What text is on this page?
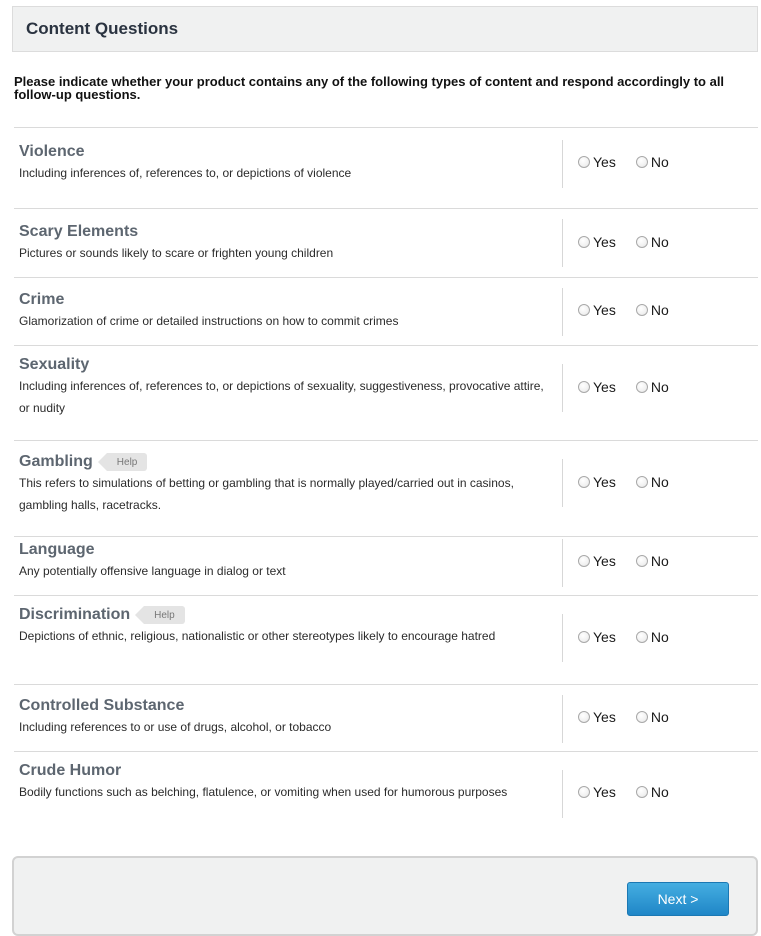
Content Questions
Please indicate whether your product contains any of the following types of content and respond accordingly to all follow-up questions.
Violence
Including inferences of, references to, or depictions of violence
Yes	No
Scary Elements
Pictures or sounds likely to scare or frighten young children
Yes	No
Crime
Glamorization of crime or detailed instructions on how to commit crimes
Yes	No
Sexuality
Including inferences of, references to, or depictions of sexuality, suggestiveness, provocative attire, or nudity
Yes	No
Gambling	Help
This refers to simulations of betting or gambling that is normally played/carried out in casinos, gambling halls, racetracks.
Yes	No
Language
Any potentially offensive language in dialog or text
Yes	No
Discrimination	Help
Depictions of ethnic, religious, nationalistic or other stereotypes likely to encourage hatred	Yes	No
Controlled Substance
Including references to or use of drugs, alcohol, or tobacco
Yes	No
Crude Humor
Bodily functions such as belching, flatulence, or vomiting when used for humorous purposes	Yes	No
Next >
